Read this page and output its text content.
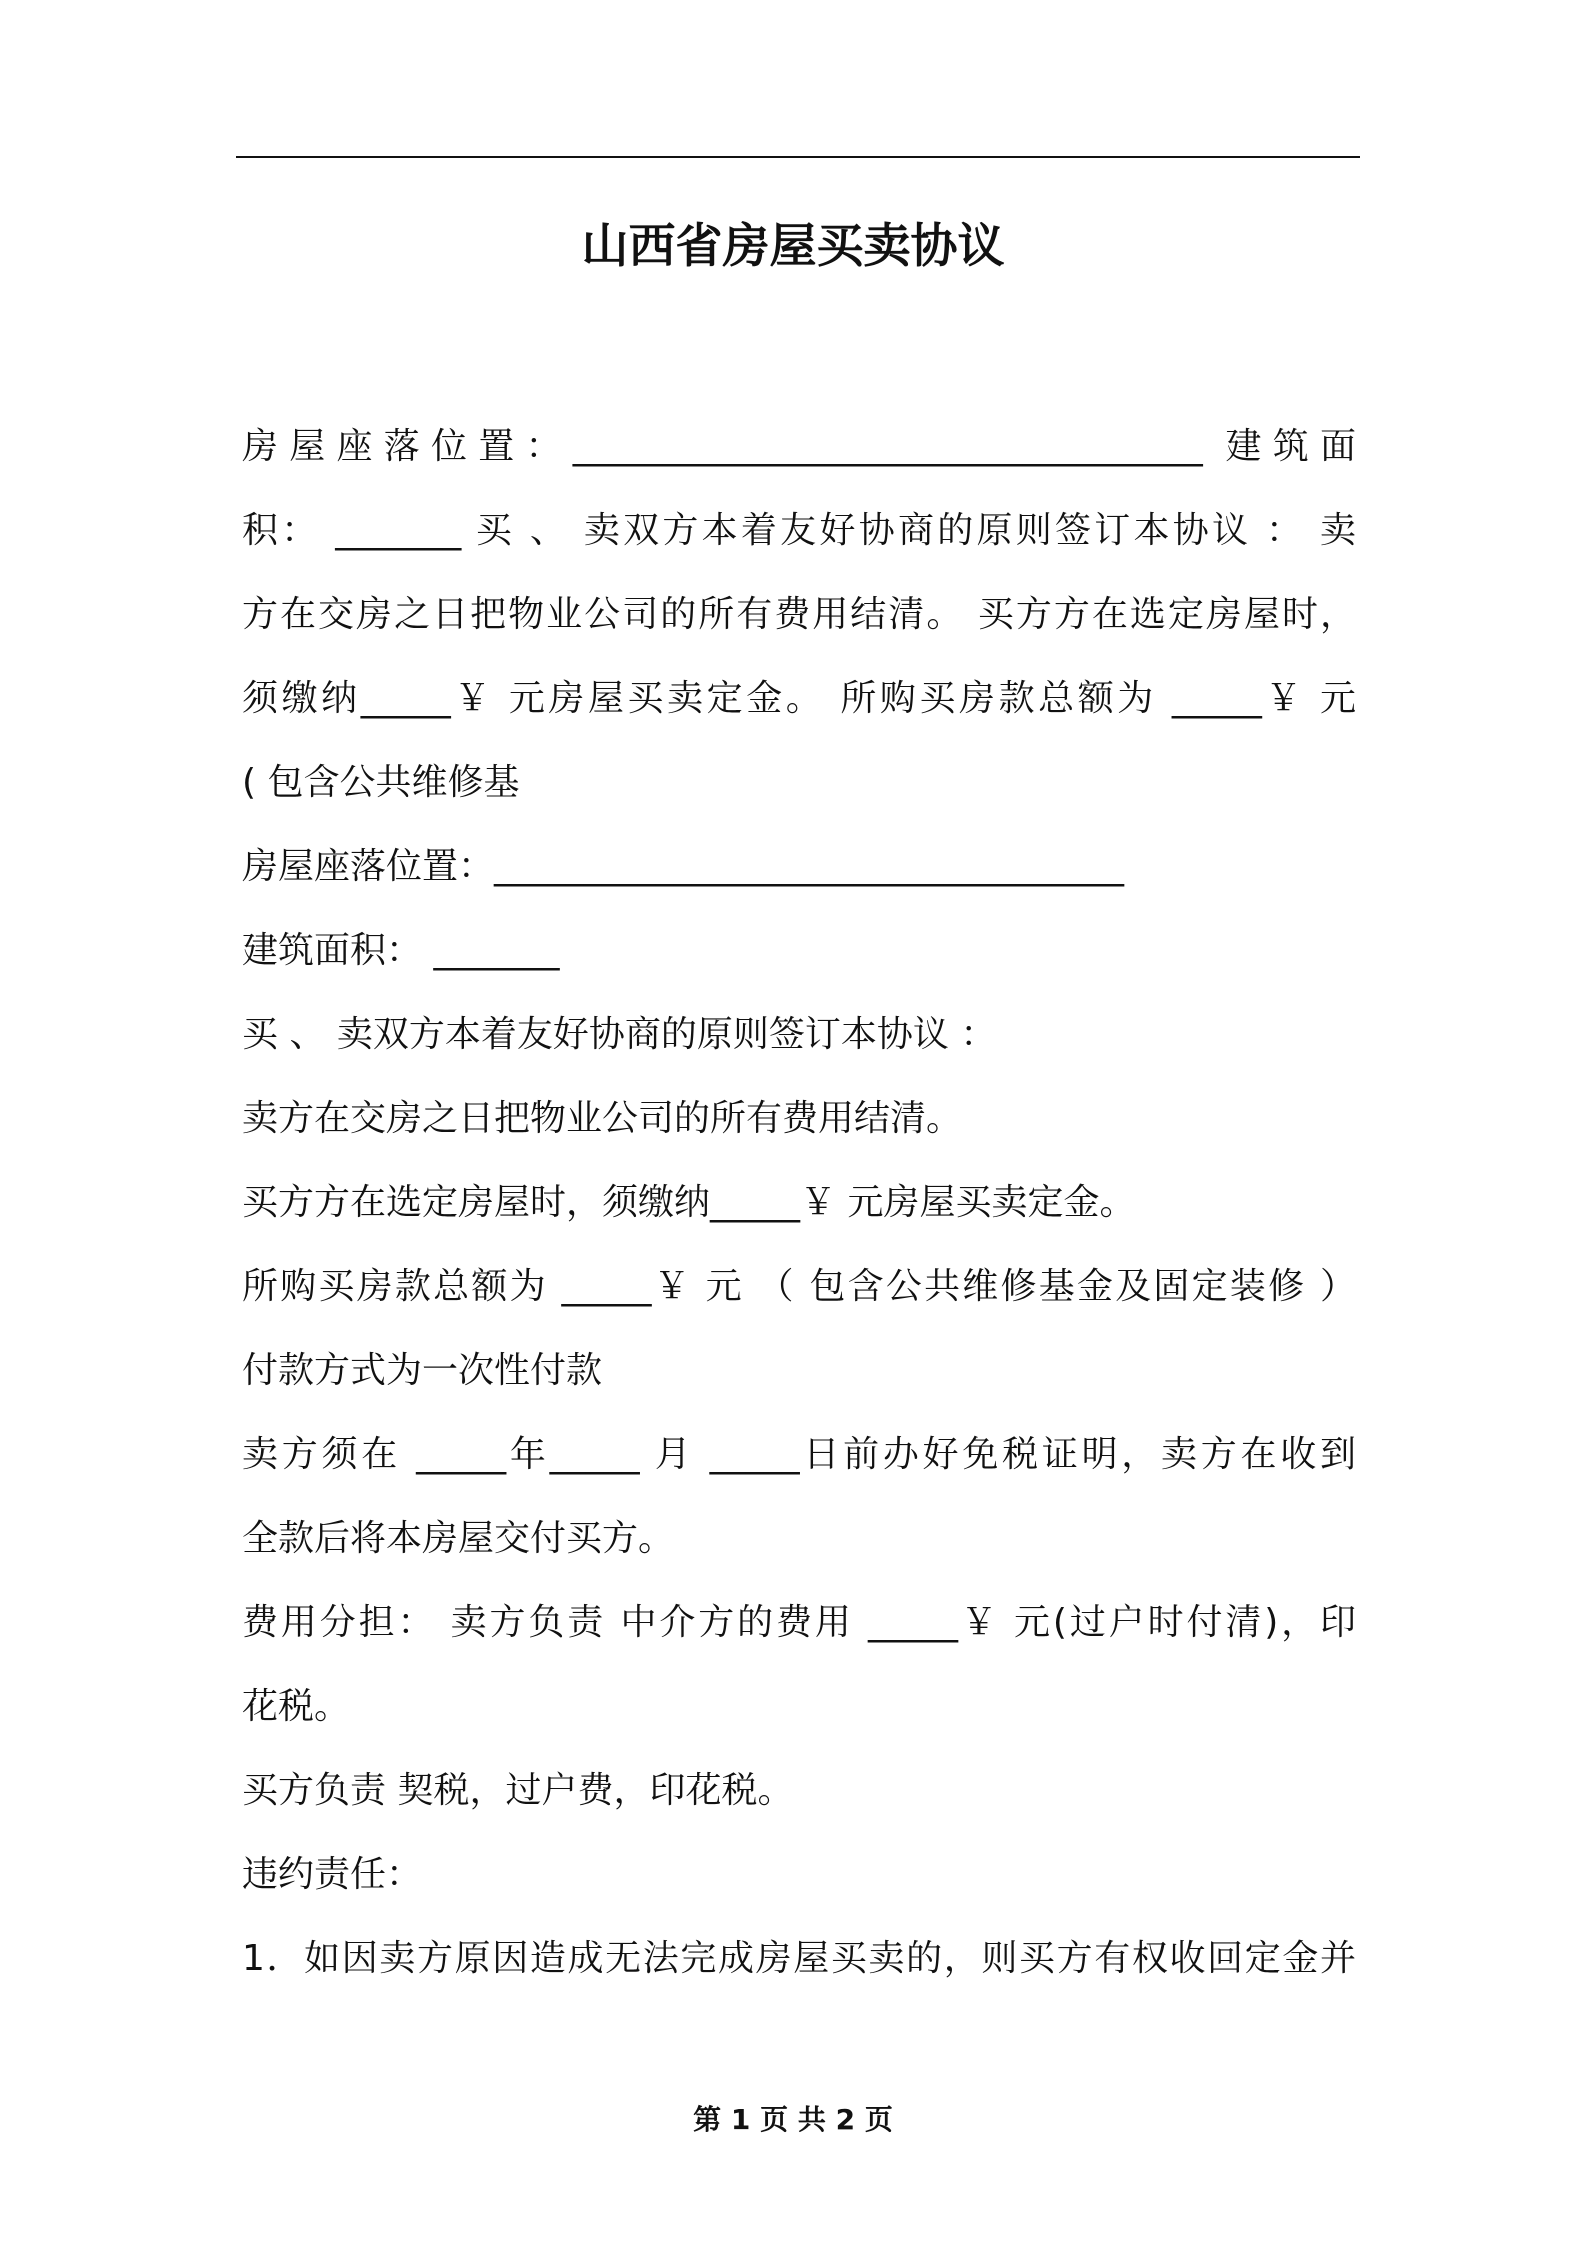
山西省房屋买卖协议

房屋座落位置：___________________________________ 建筑面

积： _______ 买 、 卖双方本着友好协商的原则签订本协议 ： 卖

方在交房之日把物业公司的所有费用结清。 买方方在选定房屋时，

须缴纳_____￥ 元房屋买卖定金。 所购买房款总额为 _____￥ 元

( 包含公共维修基

房屋座落位置：___________________________________

建筑面积： _______

买 、 卖双方本着友好协商的原则签订本协议 ：

卖方在交房之日把物业公司的所有费用结清。

买方方在选定房屋时，须缴纳_____￥ 元房屋买卖定金。

所购买房款总额为 _____￥ 元 （ 包含公共维修基金及固定装修 ）

付款方式为一次性付款

卖方须在 _____年_____ 月 _____日前办好免税证明，卖方在收到

全款后将本房屋交付买方。

费用分担： 卖方负责 中介方的费用 _____￥ 元(过户时付清)，印

花税。

买方负责 契税，过户费，印花税。

违约责任：

1．如因卖方原因造成无法完成房屋买卖的，则买方有权收回定金并

第 1 页 共 2 页
